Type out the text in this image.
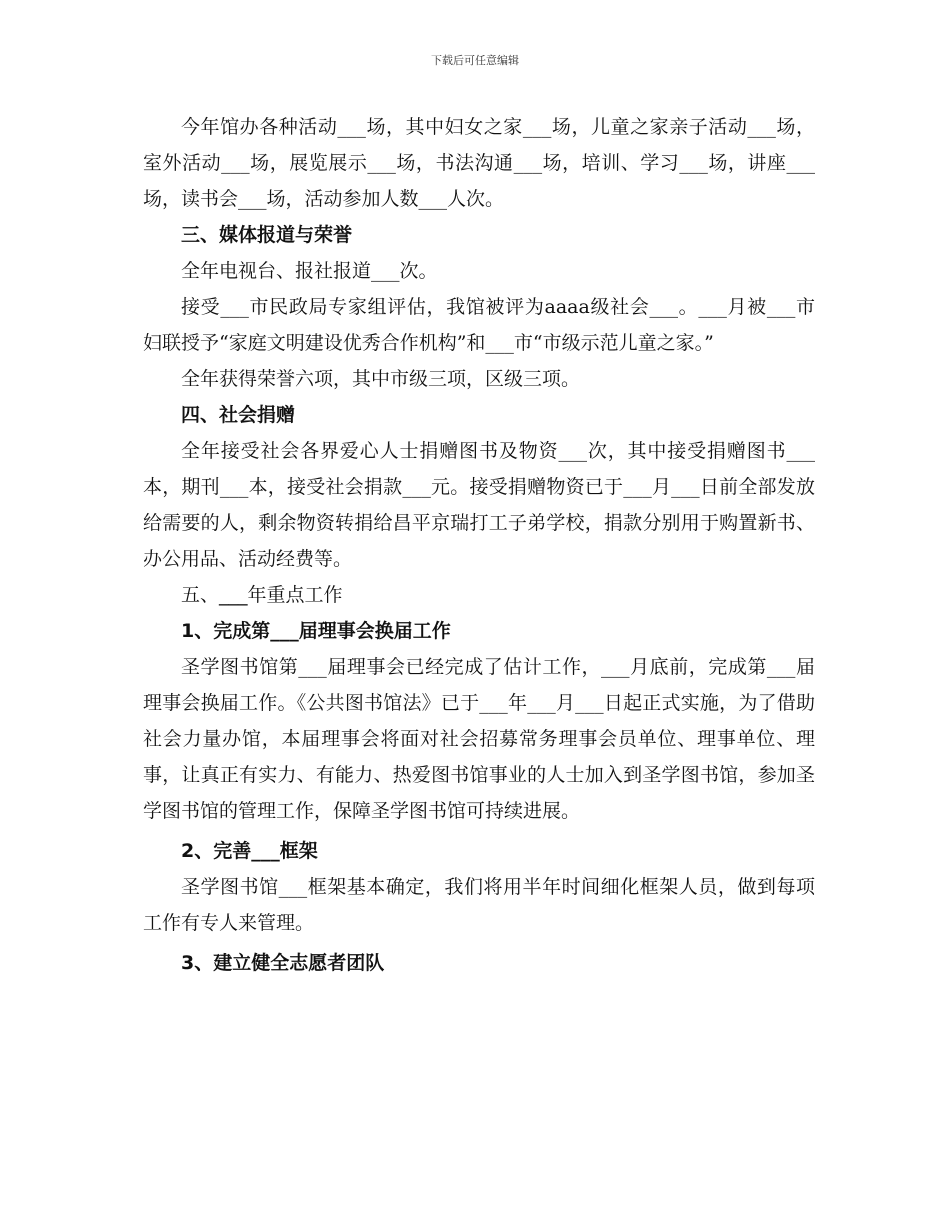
下载后可任意编辑

今年馆办各种活动___场，其中妇女之家___场，儿童之家亲子活动___场，室外活动___场，展览展示___场，书法沟通___场，培训、学习___场，讲座___场，读书会___场，活动参加人数___人次。

三、媒体报道与荣誉

全年电视台、报社报道___次。

接受___市民政局专家组评估，我馆被评为aaaa级社会___。___月被___市妇联授予“家庭文明建设优秀合作机构”和___市“市级示范儿童之家。”

全年获得荣誉六项，其中市级三项，区级三项。

四、社会捐赠

全年接受社会各界爱心人士捐赠图书及物资___次，其中接受捐赠图书___本，期刊___本，接受社会捐款___元。接受捐赠物资已于___月___日前全部发放给需要的人，剩余物资转捐给昌平京瑞打工子弟学校，捐款分别用于购置新书、办公用品、活动经费等。

五、___年重点工作

1、完成第___届理事会换届工作

圣学图书馆第___届理事会已经完成了估计工作，___月底前，完成第___届理事会换届工作。《公共图书馆法》已于___年___月___日起正式实施，为了借助社会力量办馆，本届理事会将面对社会招募常务理事会员单位、理事单位、理事，让真正有实力、有能力、热爱图书馆事业的人士加入到圣学图书馆，参加圣学图书馆的管理工作，保障圣学图书馆可持续进展。

2、完善___框架

圣学图书馆___框架基本确定，我们将用半年时间细化框架人员，做到每项工作有专人来管理。

3、建立健全志愿者团队
